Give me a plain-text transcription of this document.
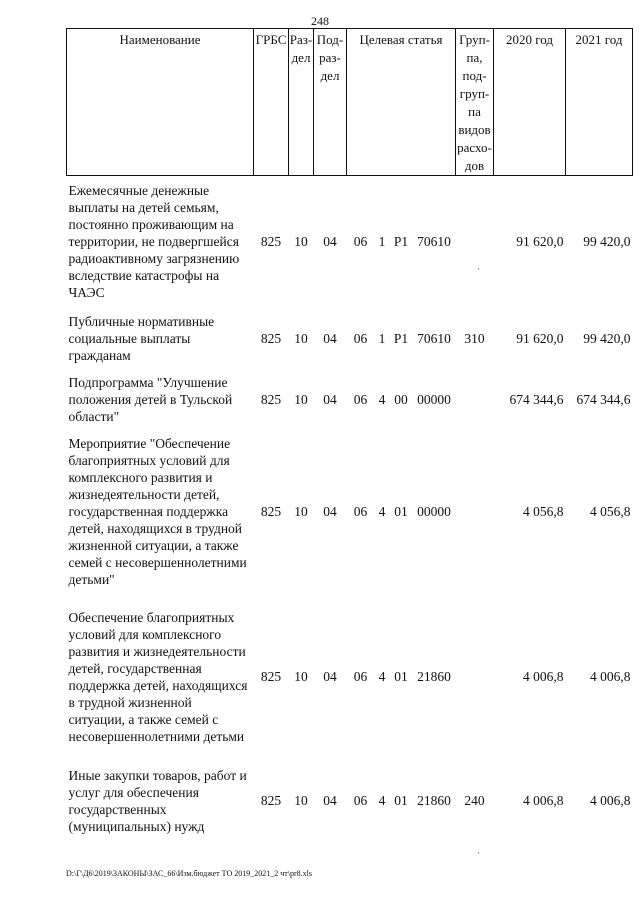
248
Наименование	ГРБС	Раз-дел	Под-раз-дел	Целевая статья				Груп-па, под-груп-па видов расхо-дов	2020 год	2021 год
Ежемесячные денежные выплаты на детей семьям, постоянно проживающим на территории, не подвергшейся радиоактивному загрязнению вследствие катастрофы на ЧАЭС	825	10	04	06	1	Р1	70610		91 620,0	99 420,0
Публичные нормативные социальные выплаты гражданам	825	10	04	06	1	Р1	70610	310	91 620,0	99 420,0
Подпрограмма "Улучшение положения детей в Тульской области"	825	10	04	06	4	00	00000		674 344,6	674 344,6
Мероприятие "Обеспечение благоприятных условий для комплексного развития и жизнедеятельности детей, государственная поддержка детей, находящихся в трудной жизненной ситуации, а также семей с несовершеннолетними детьми"	825	10	04	06	4	01	00000		4 056,8	4 056,8
Обеспечение благоприятных условий для комплексного развития и жизнедеятельности детей, государственная поддержка детей, находящихся в трудной жизненной ситуации, а также семей с несовершеннолетними детьми	825	10	04	06	4	01	21860		4 006,8	4 006,8
Иные закупки товаров, работ и услуг для обеспечения государственных (муниципальных) нужд	825	10	04	06	4	01	21860	240	4 006,8	4 006,8
D:\Г\Д6\2019\ЗАКОНЫ\ЗАС_66\Изм.бюджет ТО 2019_2021_2 чт\pr8.xls
